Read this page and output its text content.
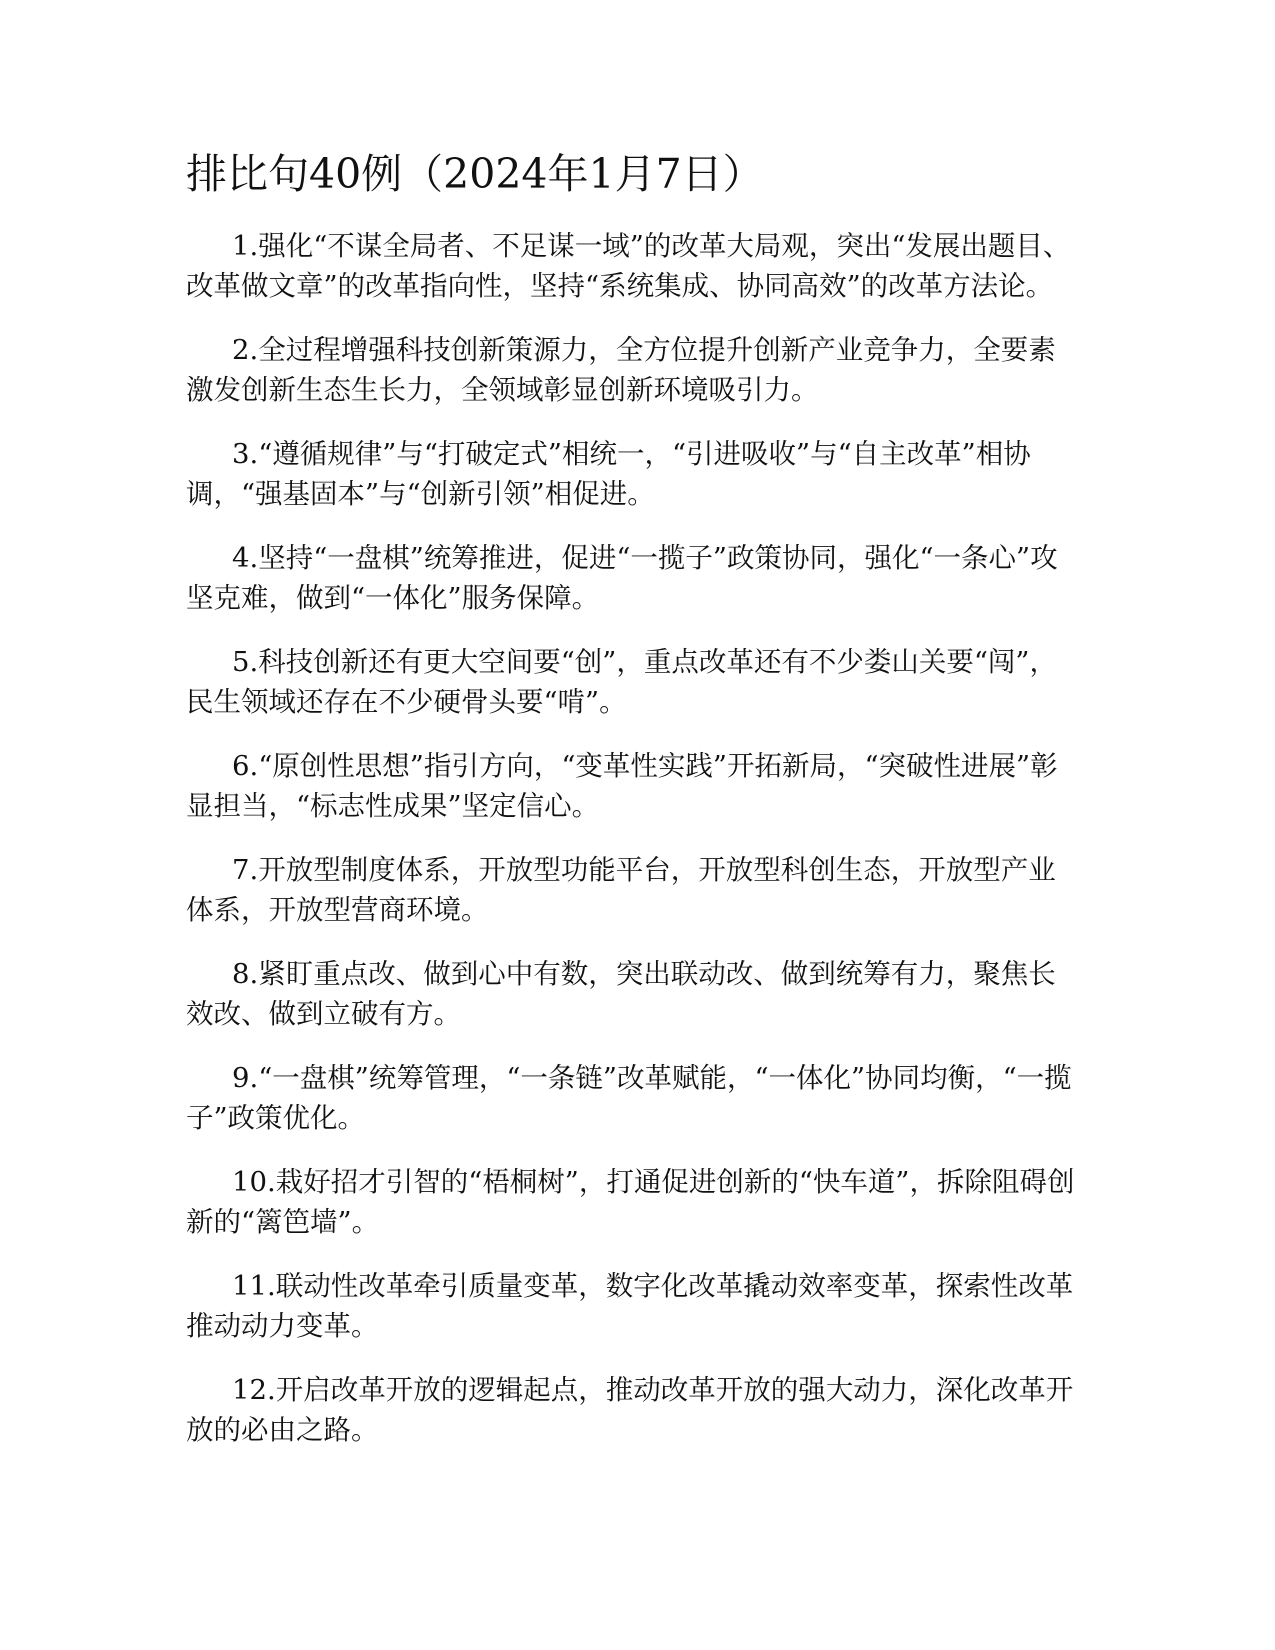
排比句40例（2024年1月7日）

1.强化“不谋全局者、不足谋一域”的改革大局观，突出“发展出题目、改革做文章”的改革指向性，坚持“系统集成、协同高效”的改革方法论。

2.全过程增强科技创新策源力，全方位提升创新产业竞争力，全要素激发创新生态生长力，全领域彰显创新环境吸引力。

3.“遵循规律”与“打破定式”相统一，“引进吸收”与“自主改革”相协调，“强基固本”与“创新引领”相促进。

4.坚持“一盘棋”统筹推进，促进“一揽子”政策协同，强化“一条心”攻坚克难，做到“一体化”服务保障。

5.科技创新还有更大空间要“创”，重点改革还有不少娄山关要“闯”，民生领域还存在不少硬骨头要“啃”。

6.“原创性思想”指引方向，“变革性实践”开拓新局，“突破性进展”彰显担当，“标志性成果”坚定信心。

7.开放型制度体系，开放型功能平台，开放型科创生态，开放型产业体系，开放型营商环境。

8.紧盯重点改、做到心中有数，突出联动改、做到统筹有力，聚焦长效改、做到立破有方。

9.“一盘棋”统筹管理，“一条链”改革赋能，“一体化”协同均衡，“一揽子”政策优化。

10.栽好招才引智的“梧桐树”，打通促进创新的“快车道”，拆除阻碍创新的“篱笆墙”。

11.联动性改革牵引质量变革，数字化改革撬动效率变革，探索性改革推动动力变革。

12.开启改革开放的逻辑起点，推动改革开放的强大动力，深化改革开放的必由之路。
